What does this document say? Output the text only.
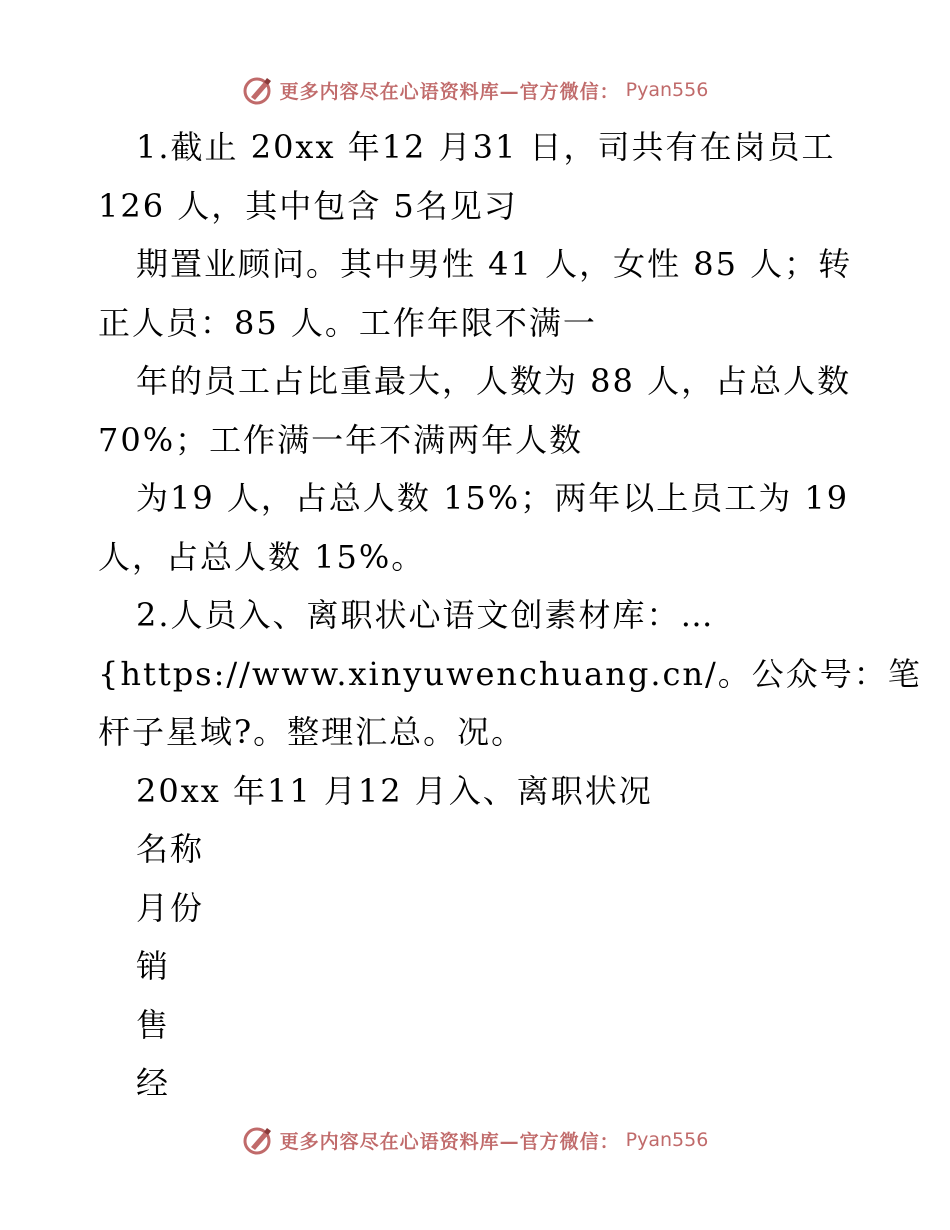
更多内容尽在心语资料库—官方微信： Pyan556
1.截止 20xx 年12 月31 日，司共有在岗员工
126 人，其中包含 5名见习
期置业顾问。其中男性 41 人，女性 85 人；转
正人员：85 人。工作年限不满一
年的员工占比重最大，人数为 88 人，占总人数
70%；工作满一年不满两年人数
为19 人，占总人数 15%；两年以上员工为 19
人，占总人数 15%。
2.人员入、离职状心语文创素材库：…
{https://www.xinyuwenchuang.cn/。公众号：笔
杆子星域?。整理汇总。况。
20xx 年11 月12 月入、离职状况
名称
月份
销
售
经
更多内容尽在心语资料库—官方微信： Pyan556
